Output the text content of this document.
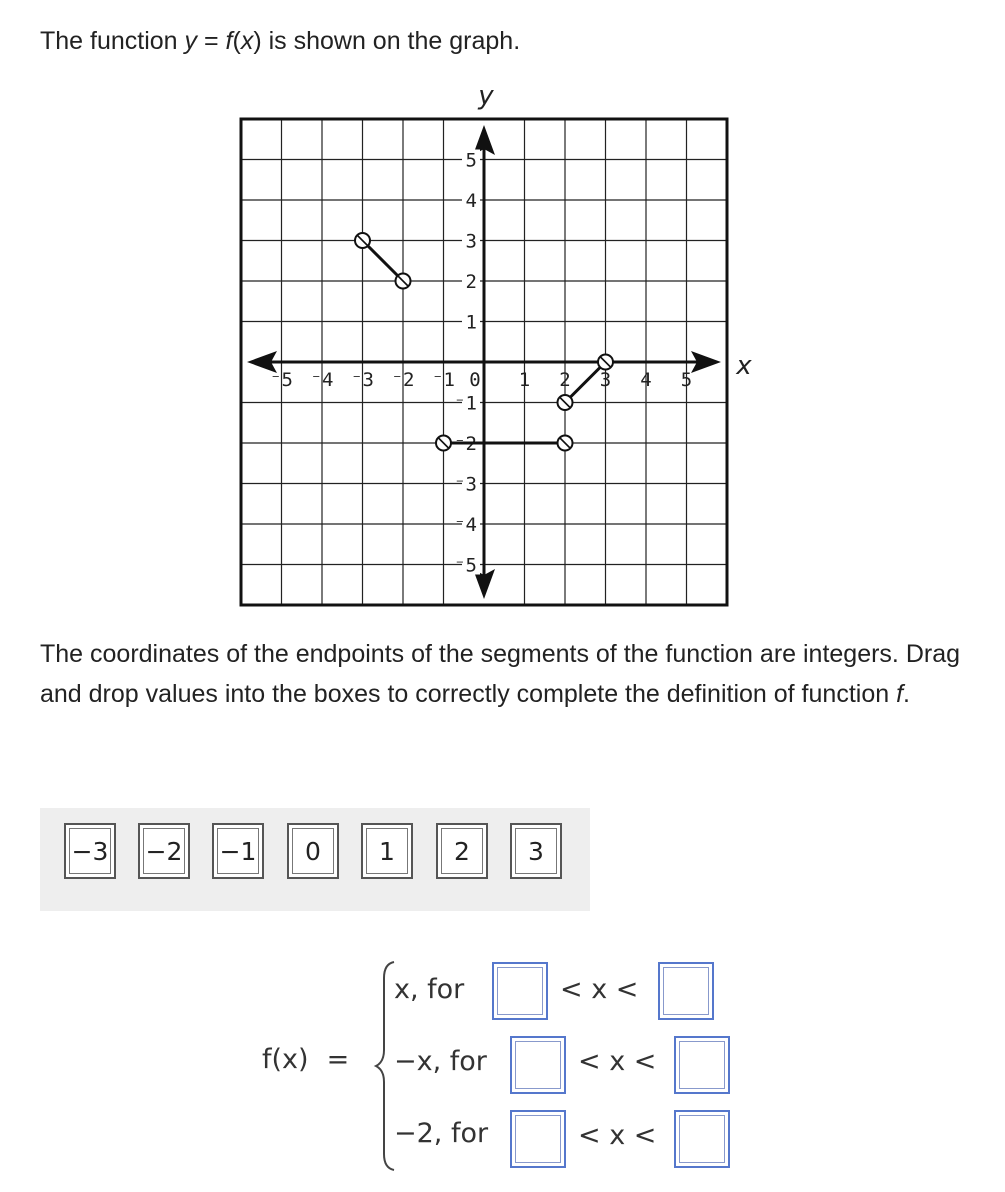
The function y = f(x) is shown on the graph.
⁻5 ⁻4 ⁻3 ⁻2 ⁻1 0 1 2 3 4 5
5
4
3
2
1
⁻1
⁻2
⁻3
⁻4
⁻5
x
y
The coordinates of the endpoints of the segments of the function are integers. Drag and drop values into the boxes to correctly complete the definition of function f.
−3	−2	−1	0	1	2	3
f(x) =
x, for	< x <
−x, for	< x <
−2, for	< x <
